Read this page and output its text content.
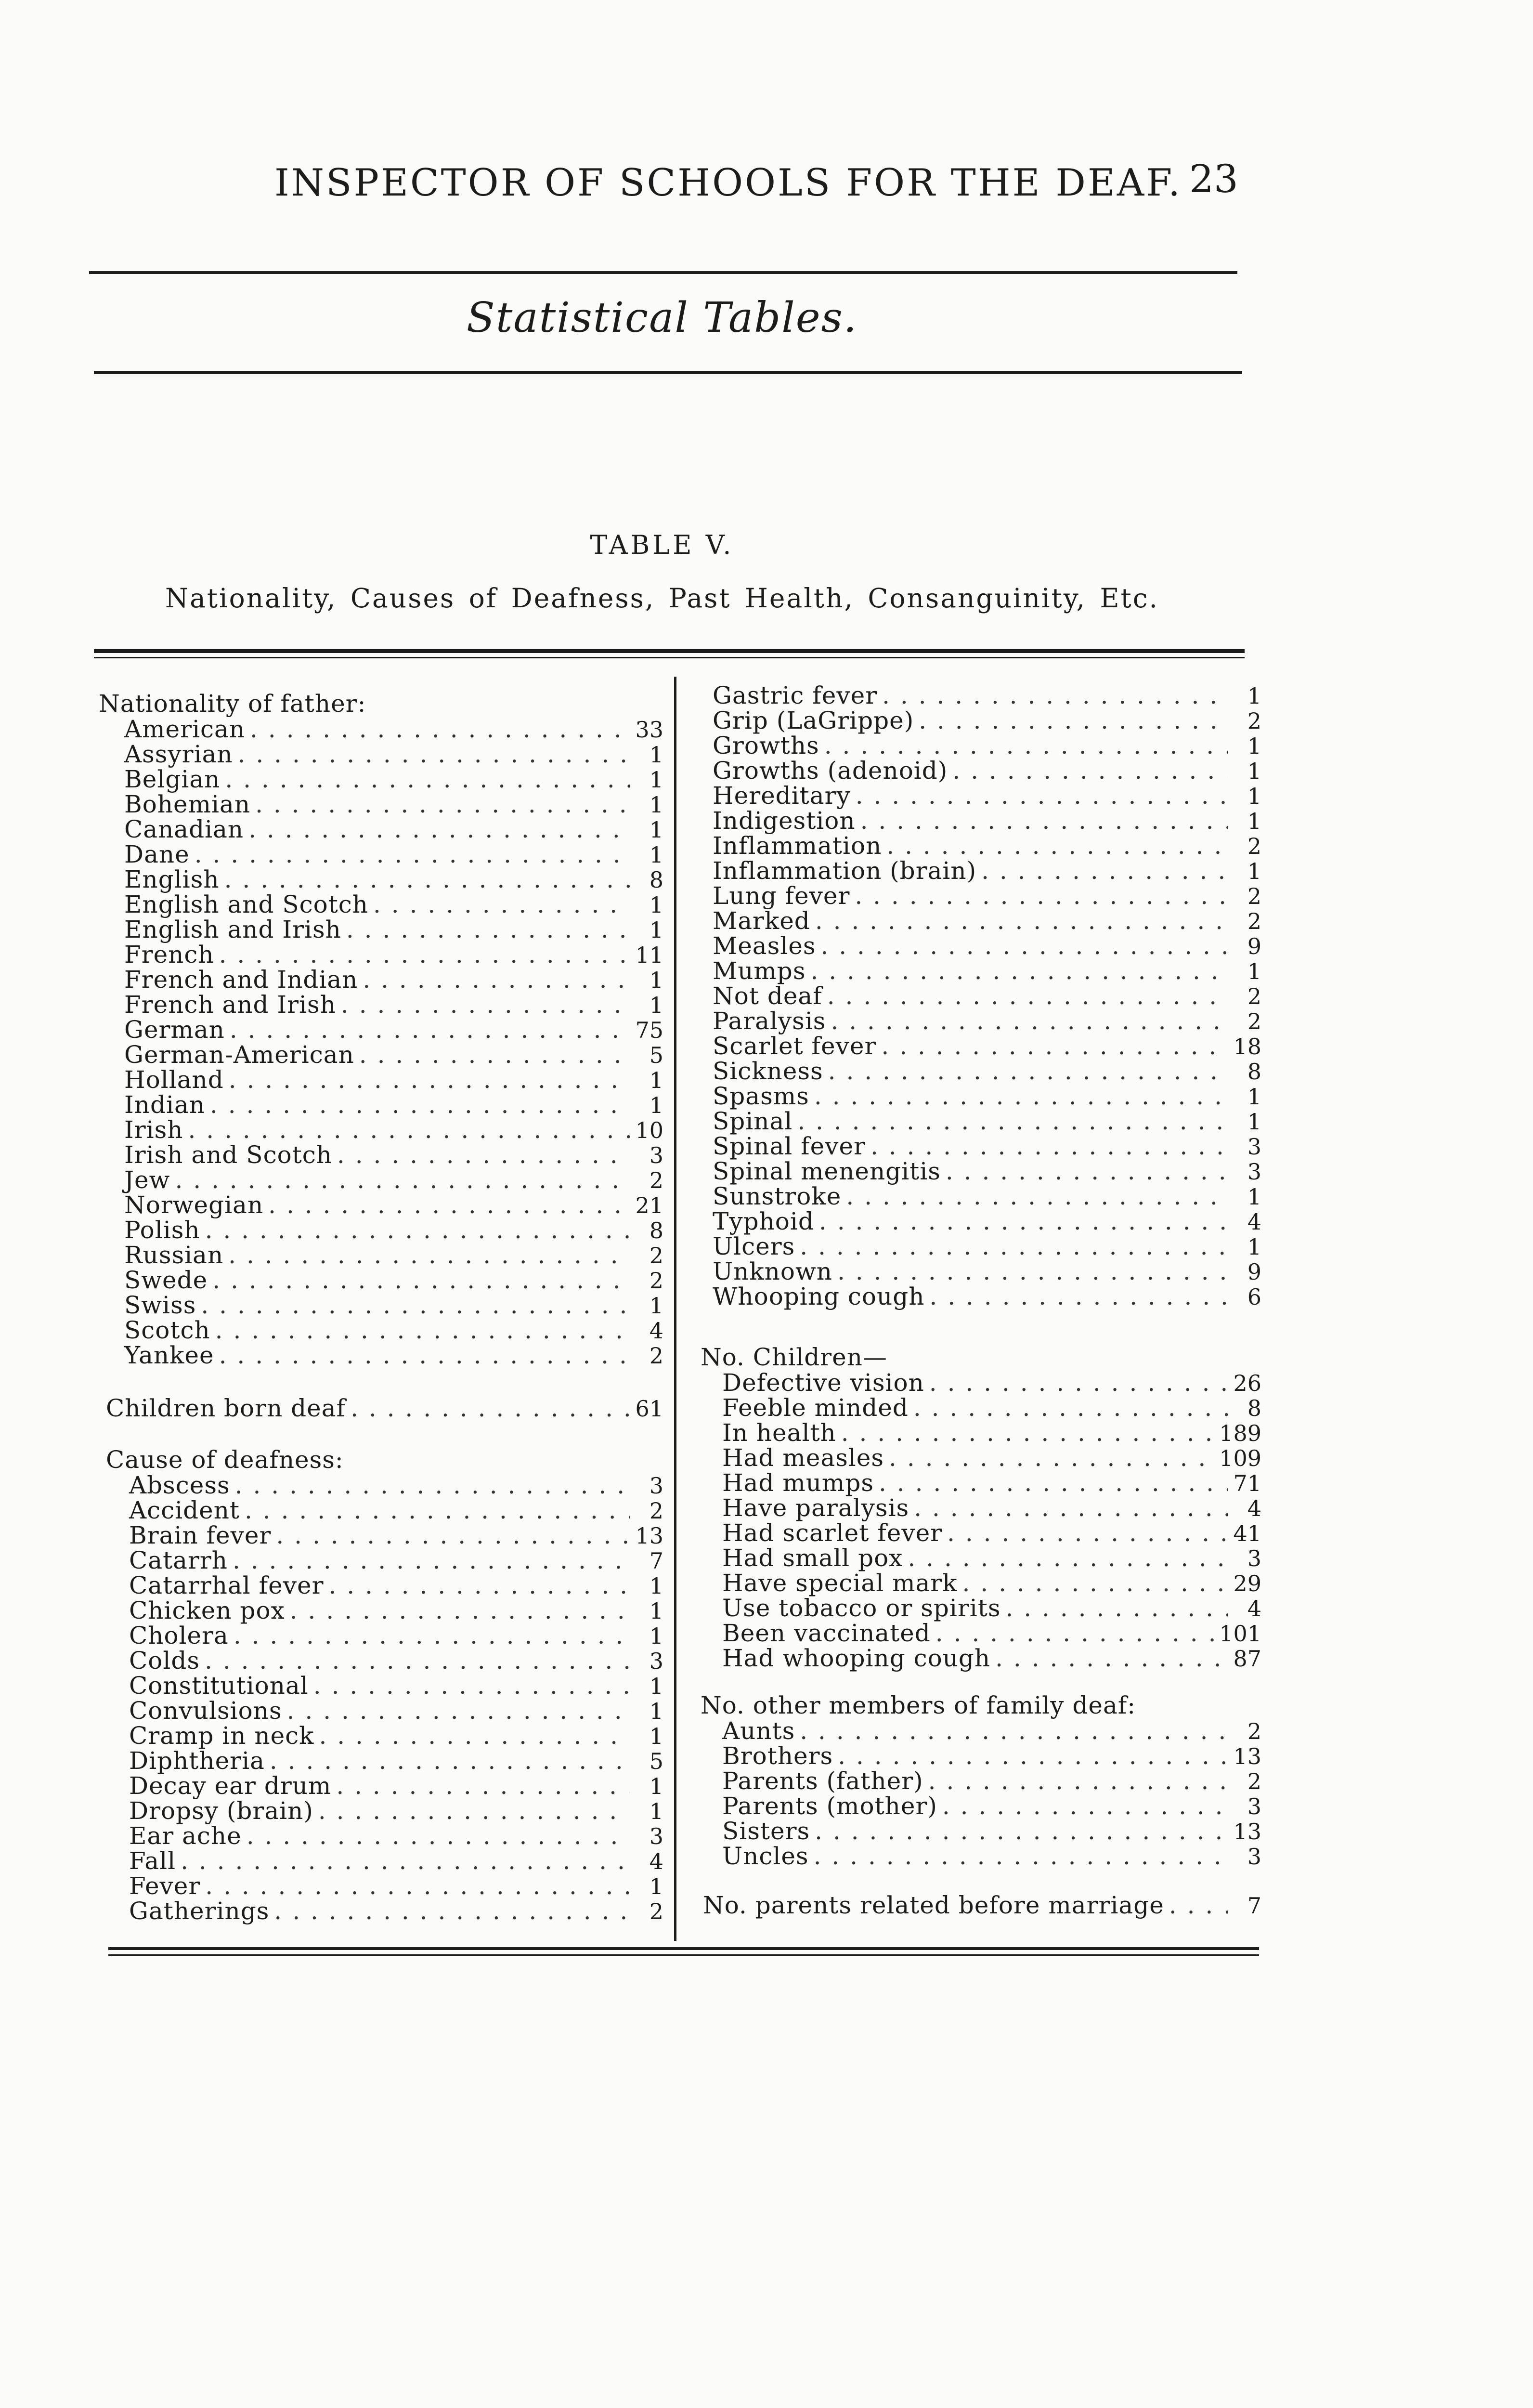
INSPECTOR OF SCHOOLS FOR THE DEAF. 23
Statistical Tables.
TABLE V.
Nationality, Causes of Deafness, Past Health, Consanguinity, Etc.
Nationality of father:
American . . .	33
Assyrian . . .	1
Belgian . . .	1
Bohemian . . .	1
Canadian . . .	1
Dane . . .	1
English . . .	8
English and Scotch . . .	1
English and Irish . . .	1
French . . .	11
French and Indian . . .	1
French and Irish . . .	1
German . . .	75
German-American . . .	5
Holland . . .	1
Indian . . .	1
Irish . . .	10
Irish and Scotch . . .	3
Jew . . .	2
Norwegian . . .	21
Polish . . .	8
Russian . . .	2
Swede . . .	2
Swiss . . .	1
Scotch . . .	4
Yankee . . .	2
Children born deaf . . .	61
Cause of deafness:
Abscess . . .	3
Accident . . .	2
Brain fever . . .	13
Catarrh . . .	7
Catarrhal fever . . .	1
Chicken pox . . .	1
Cholera . . .	1
Colds . . .	3
Constitutional . . .	1
Convulsions . . .	1
Cramp in neck . . .	1
Diphtheria . . .	5
Decay ear drum . . .	1
Dropsy (brain) . . .	1
Ear ache . . .	3
Fall . . .	4
Fever . . .	1
Gatherings . . .	2
Gastric fever . . .	1
Grip (LaGrippe) . . .	2
Growths . . .	1
Growths (adenoid) . . .	1
Hereditary . . .	1
Indigestion . . .	1
Inflammation . . .	2
Inflammation (brain) . . .	1
Lung fever . . .	2
Marked . . .	2
Measles . . .	9
Mumps . . .	1
Not deaf . . .	2
Paralysis . . .	2
Scarlet fever . . .	18
Sickness . . .	8
Spasms . . .	1
Spinal . . .	1
Spinal fever . . .	3
Spinal menengitis . . .	3
Sunstroke . . .	1
Typhoid . . .	4
Ulcers . . .	1
Unknown . . .	9
Whooping cough . . .	6
No. Children—
Defective vision . . .	26
Feeble minded . . .	8
In health . . .	189
Had measles . . .	109
Had mumps . . .	71
Have paralysis . . .	4
Had scarlet fever . . .	41
Had small pox . . .	3
Have special mark . . .	29
Use tobacco or spirits . . .	4
Been vaccinated . . .	101
Had whooping cough . . .	87
No. other members of family deaf:
Aunts . . .	2
Brothers . . .	13
Parents (father) . . .	2
Parents (mother) . . .	3
Sisters . . .	13
Uncles . . .	3
No. parents related before marriage . . .	7
